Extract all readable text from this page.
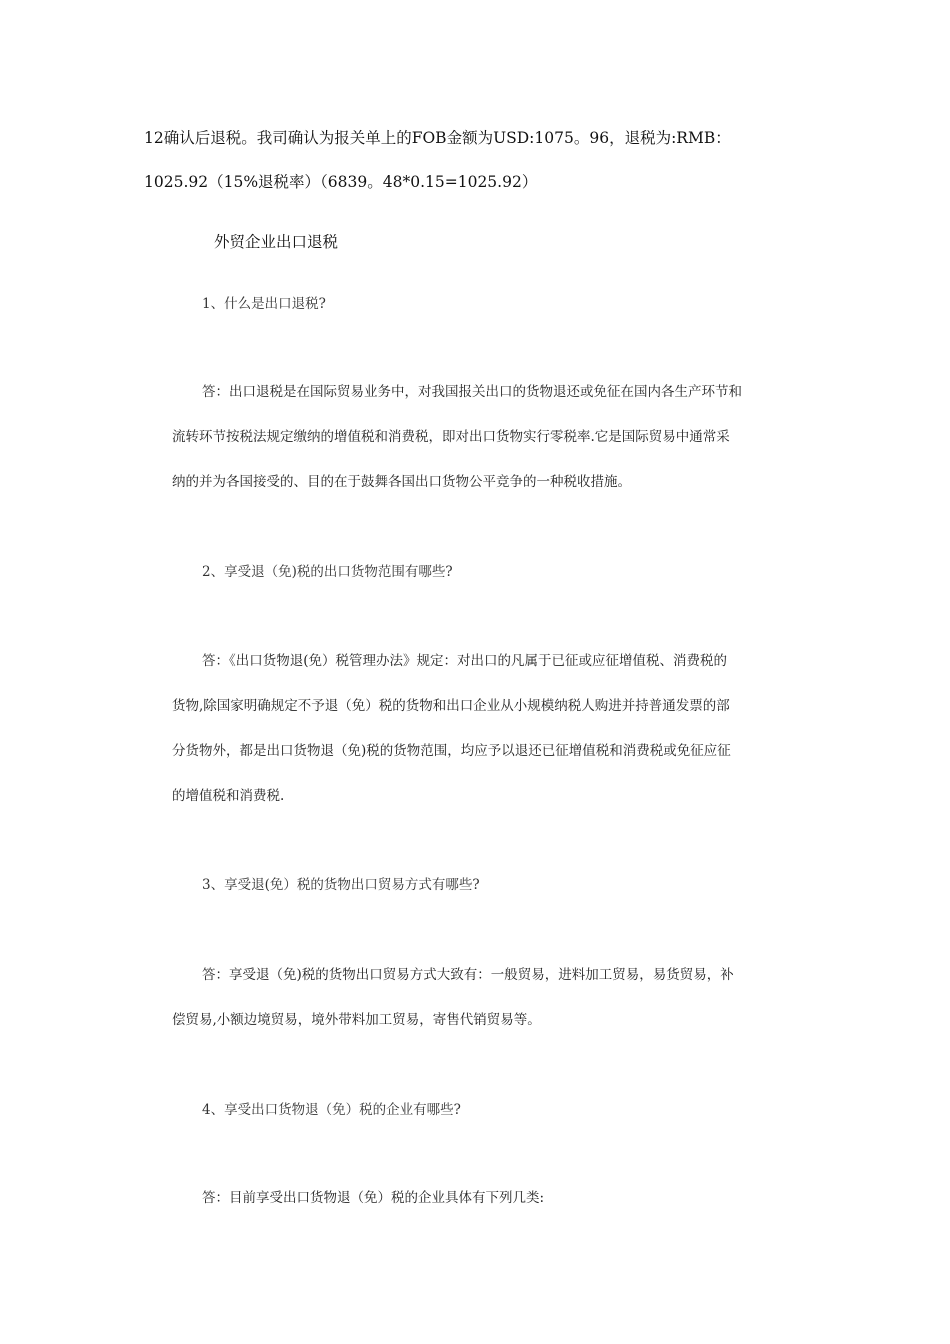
12确认后退税。我司确认为报关单上的FOB金额为USD:1075。96，退税为:RMB：
1025.92（15%退税率）（6839。48*0.15=1025.92）
外贸企业出口退税
1、什么是出口退税?
答：出口退税是在国际贸易业务中，对我国报关出口的货物退还或免征在国内各生产环节和
流转环节按税法规定缴纳的增值税和消费税，即对出口货物实行零税率.它是国际贸易中通常采
纳的并为各国接受的、目的在于鼓舞各国出口货物公平竞争的一种税收措施。
2、享受退（免)税的出口货物范围有哪些?
答：《出口货物退(免）税管理办法》规定：对出口的凡属于已征或应征增值税、消费税的
货物,除国家明确规定不予退（免）税的货物和出口企业从小规模纳税人购进并持普通发票的部
分货物外，都是出口货物退（免)税的货物范围，均应予以退还已征增值税和消费税或免征应征
的增值税和消费税.
3、享受退(免）税的货物出口贸易方式有哪些?
答：享受退（免)税的货物出口贸易方式大致有：一般贸易，进料加工贸易，易货贸易，补
偿贸易,小额边境贸易，境外带料加工贸易，寄售代销贸易等。
4、享受出口货物退（免）税的企业有哪些?
答：目前享受出口货物退（免）税的企业具体有下列几类:
